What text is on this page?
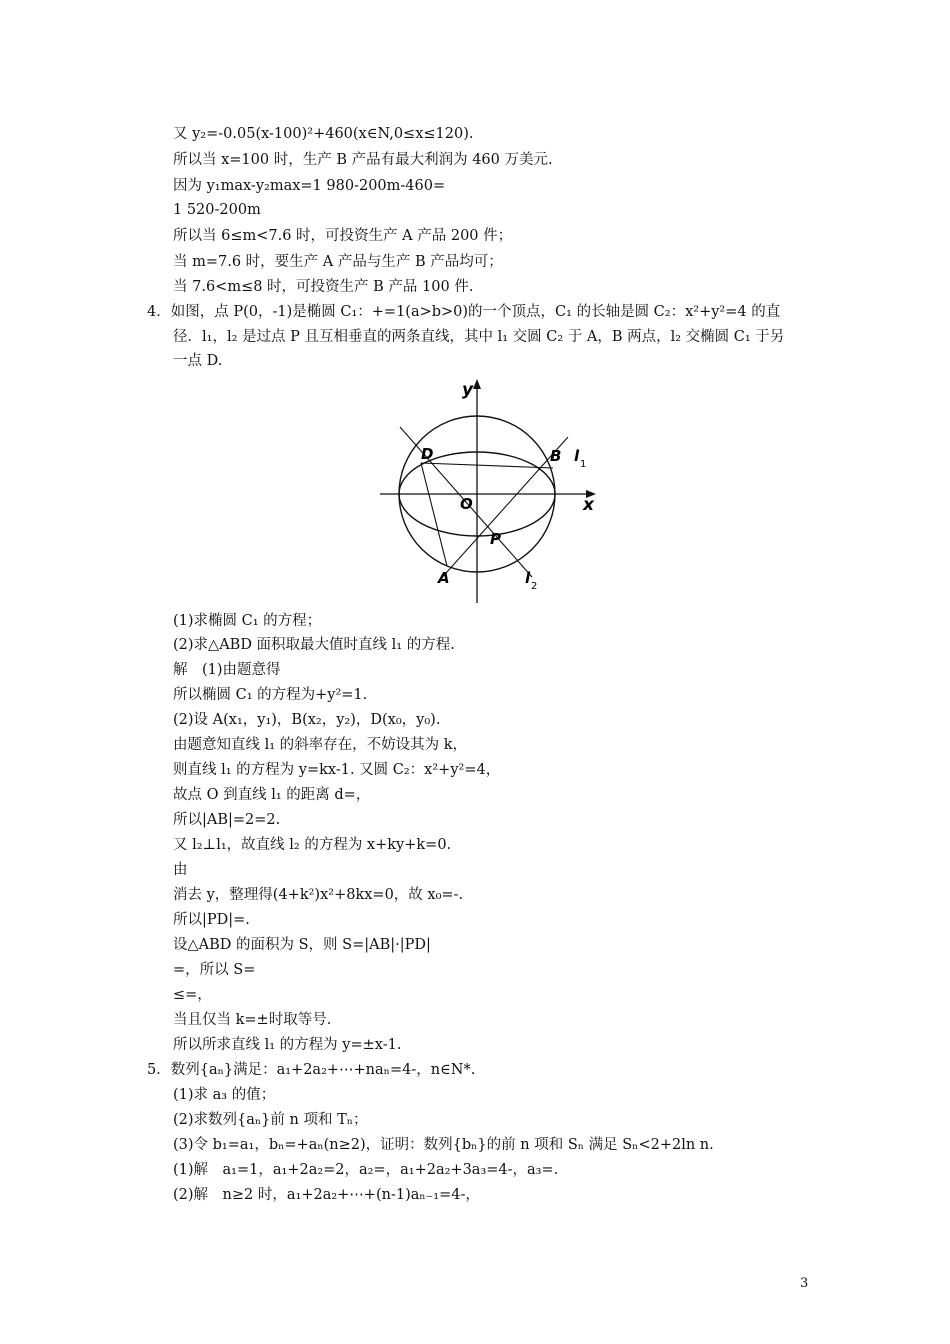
又 y₂=-0.05(x-100)²+460(x∈N,0≤x≤120).
所以当 x=100 时，生产 B 产品有最大利润为 460 万美元.
因为 y₁max-y₂max=1 980-200m-460=
1 520-200m
所以当 6≤m<7.6 时，可投资生产 A 产品 200 件；
当 m=7.6 时，要生产 A 产品与生产 B 产品均可；
当 7.6<m≤8 时，可投资生产 B 产品 100 件.
4．如图，点 P(0，-1)是椭圆 C₁：+=1(a>b>0)的一个顶点，C₁ 的长轴是圆 C₂：x²+y²=4 的直
径．l₁，l₂ 是过点 P 且互相垂直的两条直线，其中 l₁ 交圆 C₂ 于 A，B 两点，l₂ 交椭圆 C₁ 于另
一点 D.
y
x
O
D	B
P
A
l 1
l 2
(1)求椭圆 C₁ 的方程；
(2)求△ABD 面积取最大值时直线 l₁ 的方程.
解　(1)由题意得
所以椭圆 C₁ 的方程为+y²=1.
(2)设 A(x₁，y₁)，B(x₂，y₂)，D(x₀，y₀).
由题意知直线 l₁ 的斜率存在，不妨设其为 k，
则直线 l₁ 的方程为 y=kx-1. 又圆 C₂：x²+y²=4，
故点 O 到直线 l₁ 的距离 d=，
所以|AB|=2=2.
又 l₂⊥l₁，故直线 l₂ 的方程为 x+ky+k=0.
由
消去 y，整理得(4+k²)x²+8kx=0，故 x₀=-.
所以|PD|=.
设△ABD 的面积为 S，则 S=|AB|·|PD|
=，所以 S=
≤=，
当且仅当 k=±时取等号.
所以所求直线 l₁ 的方程为 y=±x-1.
5．数列{aₙ}满足：a₁+2a₂+⋯+naₙ=4-，n∈N*.
(1)求 a₃ 的值；
(2)求数列{aₙ}前 n 项和 Tₙ；
(3)令 b₁=a₁，bₙ=+aₙ(n≥2)，证明：数列{bₙ}的前 n 项和 Sₙ 满足 Sₙ<2+2ln n.
(1)解　a₁=1，a₁+2a₂=2，a₂=，a₁+2a₂+3a₃=4-，a₃=.
(2)解　n≥2 时，a₁+2a₂+⋯+(n-1)aₙ₋₁=4-，
3
